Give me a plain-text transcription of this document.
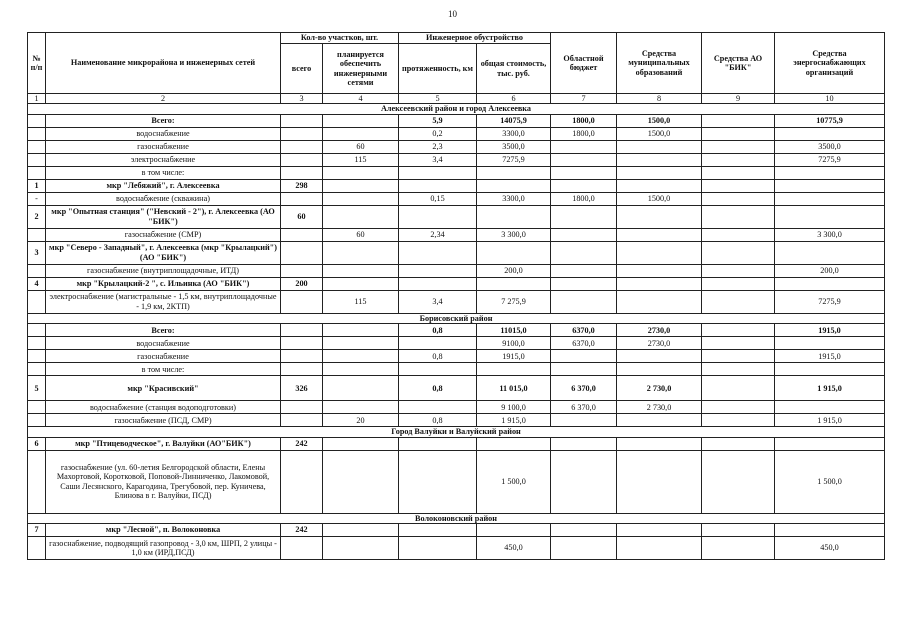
10
№ п/п	Наименование микрорайона и инженерных сетей	Кол-во участков, шт.		Инженерное обустройство		Областной бюджет	Средства муниципальных образований	Средства АО "БИК"	Средства энергоснабжающих организаций
		всего	планируется обеспечить инженерными сетями	протяженность, км	общая стоимость, тыс. руб.				
1	2	3	4	5	6	7	8	9	10
Алексеевский район и город Алексеевка									
	Всего:			5,9	14075,9	1800,0	1500,0		10775,9
	водоснабжение			0,2	3300,0	1800,0	1500,0		
	газоснабжение		60	2,3	3500,0				3500,0
	электроснабжение		115	3,4	7275,9				7275,9
	в том числе:								
1	мкр "Лебяжий", г. Алексеевка	298							
-	водоснабжение (скважина)			0,15	3300,0	1800,0	1500,0		
2	мкр "Опытная станция" ("Невский - 2"), г. Алексеевка (АО "БИК")	60							
	газоснабжение (СМР)		60	2,34	3 300,0				3 300,0
3	мкр "Северо - Западный", г. Алексеевка (мкр "Крылацкий") (АО "БИК")								
	газоснабжение (внутриплощадочные, ИТД)				200,0				200,0
4	мкр "Крылацкий-2 ", с. Ильинка (АО "БИК")	200							
	электроснабжение (магистральные - 1,5 км, внутриплощадочные - 1,9 км, 2КТП)		115	3,4	7 275,9				7275,9
Борисовский район									
	Всего:			0,8	11015,0	6370,0	2730,0		1915,0
	водоснабжение				9100,0	6370,0	2730,0		
	газоснабжение			0,8	1915,0				1915,0
	в том числе:								
5	мкр "Красивский"	326		0,8	11 015,0	6 370,0	2 730,0		1 915,0
	водоснабжение (станция водоподготовки)				9 100,0	6 370,0	2 730,0		
	газоснабжение (ПСД, СМР)		20	0,8	1 915,0				1 915,0
Город Валуйки и Валуйский район									
6	мкр "Птицеводческое", г. Валуйки (АО"БИК")	242							
	газоснабжение (ул. 60-летия Белгородской области, Елены Махортовой, Коротковой, Поповой-Линниченко, Лакомовой, Саши Лесянского, Карагодина, Трегубовой, пер. Куничева, Блинова в г. Валуйки, ПСД)				1 500,0				1 500,0
Волоконовский район									
7	мкр "Лесной", п. Волоконовка	242							
	газоснабжение, подводящий газопровод - 3,0 км, ШРП, 2 улицы - 1,0 км (ИРД,ПСД)				450,0				450,0
